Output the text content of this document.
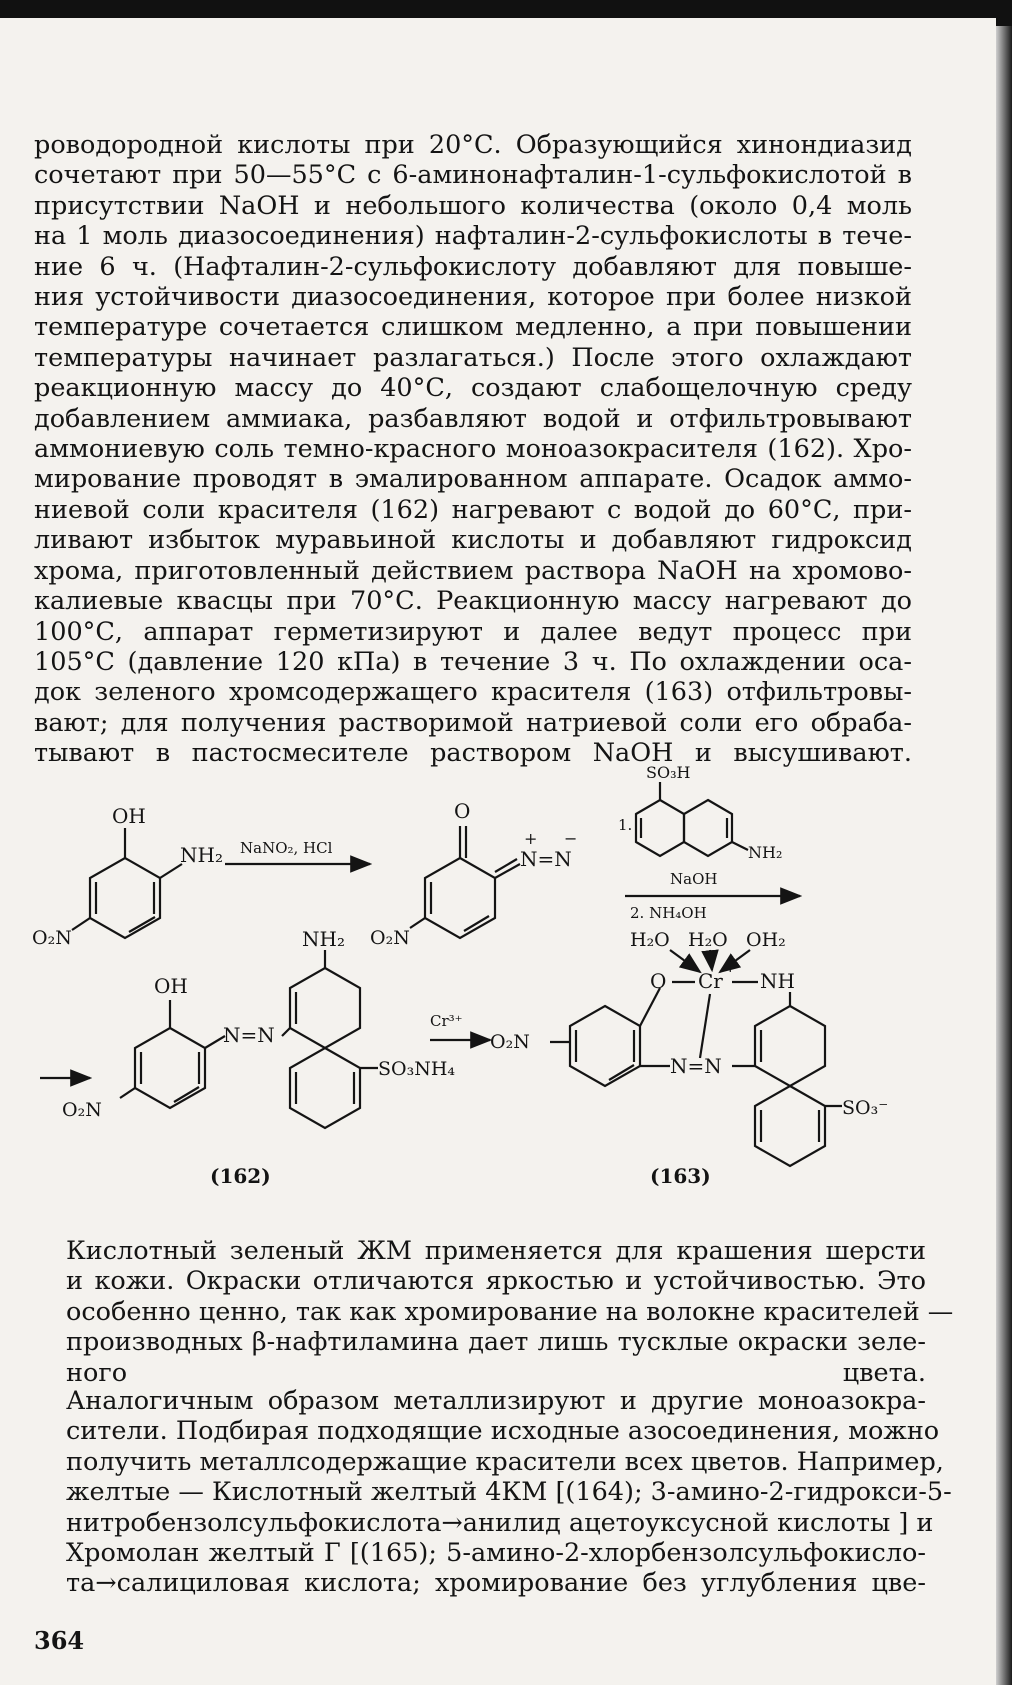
роводородной кислоты при 20°С. Образующийся хинондиазид
сочетают при 50—55°С с 6-аминонафталин-1-сульфокислотой в
присутствии NaOH и небольшого количества (около 0,4 моль
на 1 моль диазосоединения) нафталин-2-сульфокислоты в тече-
ние 6 ч. (Нафталин-2-сульфокислоту добавляют для повыше-
ния устойчивости диазосоединения, которое при более низкой
температуре сочетается слишком медленно, а при повышении
температуры начинает разлагаться.) После этого охлаждают
реакционную массу до 40°С, создают слабощелочную среду
добавлением аммиака, разбавляют водой и отфильтровывают
аммониевую соль темно-красного моноазокрасителя (162). Хро-
мирование проводят в эмалированном аппарате. Осадок аммо-
ниевой соли красителя (162) нагревают с водой до 60°С, при-
ливают избыток муравьиной кислоты и добавляют гидроксид
хрома, приготовленный действием раствора NaOH на хромово-
калиевые квасцы при 70°С. Реакционную массу нагревают до
100°С, аппарат герметизируют и далее ведут процесс при
105°С (давление 120 кПа) в течение 3 ч. По охлаждении оса-
док зеленого хромсодержащего красителя (163) отфильтровы-
вают; для получения растворимой натриевой соли его обраба-
тывают в пастосмесителе раствором NaOH и высушивают.
OH
NH₂
O₂N
NaNO₂, HCl
O
N=N
+ −
O₂N
SO₃H
NH₂
1.
NaOH
2. NH₄OH
OH
O₂N
N=N
NH₂
SO₃NH₄
(162)
Cr³⁺
O₂N
N=N
O Cr
+
NH
H₂O H₂O OH₂
SO₃⁻
(163)
Кислотный зеленый ЖМ применяется для крашения шерсти
и кожи. Окраски отличаются яркостью и устойчивостью. Это
особенно ценно, так как хромирование на волокне красителей —
производных β-нафтиламина дает лишь тусклые окраски зеле-
ного цвета.
Аналогичным образом металлизируют и другие моноазокра-
сители. Подбирая подходящие исходные азосоединения, можно
получить металлсодержащие красители всех цветов. Например,
желтые — Кислотный желтый 4КМ [(164); 3-амино-2-гидрокси-5-
нитробензолсульфокислота→анилид ацетоуксусной кислоты ] и
Хромолан желтый Г [(165); 5-амино-2-хлорбензолсульфокисло-
та→салициловая кислота; хромирование без углубления цве-
364
